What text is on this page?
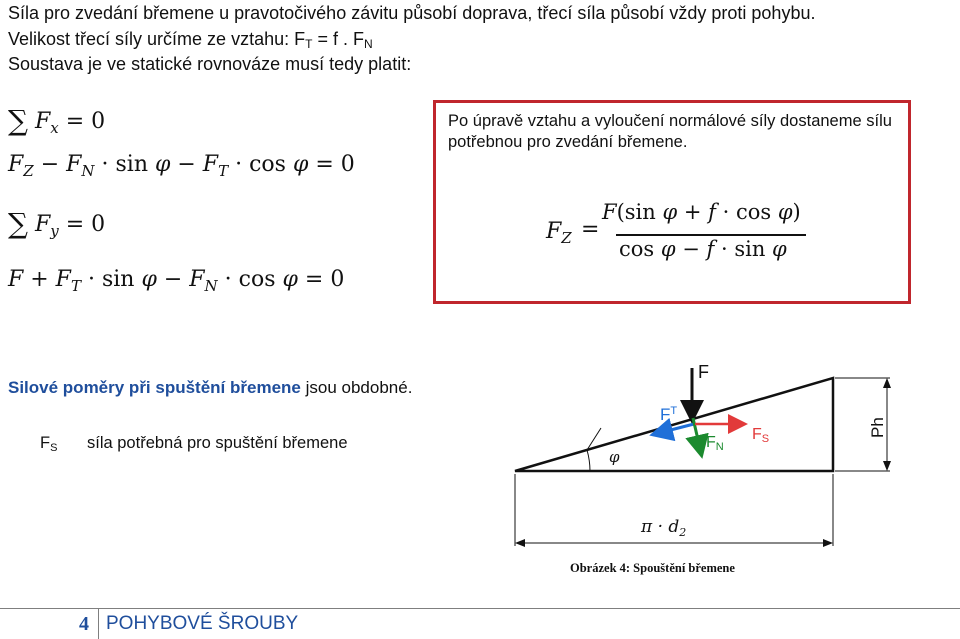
Síla pro zvedání břemene u pravotočivého závitu působí doprava, třecí síla působí vždy proti pohybu.
Velikost třecí síly určíme ze vztahu: $F_T = f$ . $F_N$
Soustava je ve statické rovnováze musí tedy platit:
∑ $F_x = 0$
$F_Z - F_N \cdot \sin \varphi - F_T \cdot \cos \varphi = 0$
∑ $F_y = 0$
$F + F_T \cdot \sin \varphi - F_N \cdot \cos \varphi = 0$
Po úpravě vztahu a vyloučení normálové síly dostaneme sílu potřebnou pro zvedání břemene.
$F_Z$ =
F(sin φ + f · cos φ)
cos φ − f · sin φ
Silové poměry při spuštění břemene jsou obdobné.
$F_S$ síla potřebná pro spuštění břemene
φ
F
$F^T$
FN
FS
Ph
$\pi \cdot d_2$
Obrázek 4: Spouštění břemene
4 POHYBOVÉ ŠROUBY
